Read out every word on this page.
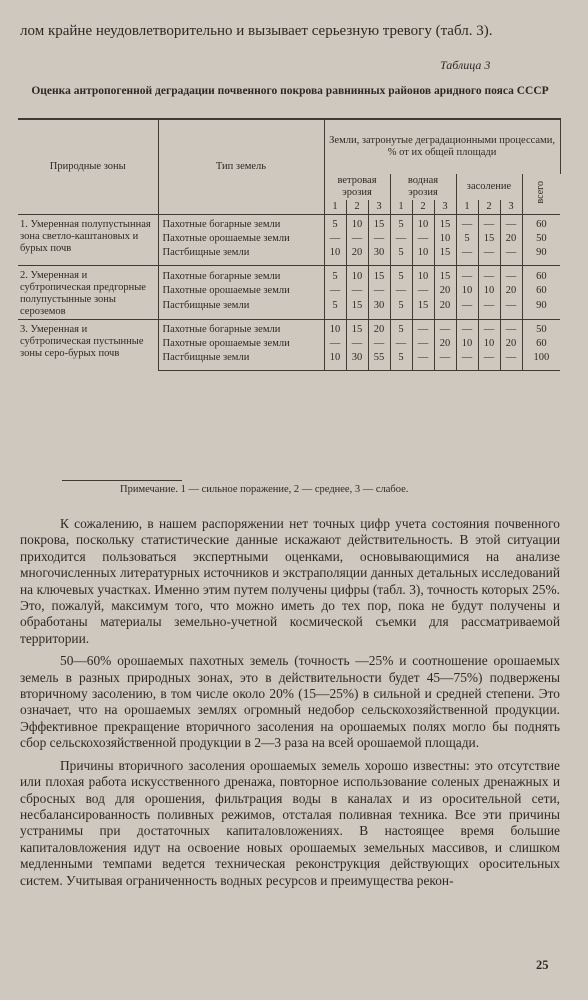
лом крайне неудовлетворительно и вызывает серьезную тревогу (табл. 3).
Таблица 3
Оценка антропогенной деградации почвенного покрова равнинных районов аридного пояса СССР
Природные зоны	Тип земель	Земли, затронутые деградационными процессами, % от их общей площади									
		ветровая эрозия			водная эрозия			засоление			всего
		1	2	3	1	2	3	1	2	3	
1. Умеренная полупустынная зона светло-каштановых и бурых почв	Пахотные богарные земли	5	10	15	5	10	15	—	—	—	60
	Пахотные орошаемые земли	—	—	—	—	—	10	5	15	20	50
	Пастбищные земли	10	20	30	5	10	15	—	—	—	90
2. Умеренная и субтропическая предгорные полупустынные зоны сероземов	Пахотные богарные земли	5	10	15	5	10	15	—	—	—	60
	Пахотные орошаемые земли	—	—	—	—	—	20	10	10	20	60
	Пастбищные земли	5	15	30	5	15	20	—	—	—	90
3. Умеренная и субтропическая пустынные зоны серо-бурых почв	Пахотные богарные земли	10	15	20	5	—	—	—	—	—	50
	Пахотные орошаемые земли	—	—	—	—	—	20	10	10	20	60
	Пастбищные земли	10	30	55	5	—	—	—	—	—	100
Примечание. 1 — сильное поражение, 2 — среднее, 3 — слабое.

К сожалению, в нашем распоряжении нет точных цифр учета состояния почвенного покрова, поскольку статистические данные искажают действительность. В этой ситуации приходится пользоваться экспертными оценками, основывающимися на анализе многочисленных литературных источников и экстраполяции данных детальных исследований на ключевых участках. Именно этим путем получены цифры (табл. 3), точность которых 25%. Это, пожалуй, максимум того, что можно иметь до тех пор, пока не будут получены и обработаны материалы земельно-учетной космической съемки для рассматриваемой территории.

50—60% орошаемых пахотных земель (точность —25% и соотношение орошаемых земель в разных природных зонах, это в действительности будет 45—75%) подвержены вторичному засолению, в том числе около 20% (15—25%) в сильной и средней степени. Это означает, что на орошаемых землях огромный недобор сельскохозяйственной продукции. Эффективное прекращение вторичного засоления на орошаемых полях могло бы поднять сбор сельскохозяйственной продукции в 2—3 раза на всей орошаемой площади.

Причины вторичного засоления орошаемых земель хорошо известны: это отсутствие или плохая работа искусственного дренажа, повторное использование соленых дренажных и сбросных вод для орошения, фильтрация воды в каналах и из оросительной сети, несбалансированность поливных режимов, отсталая поливная техника. Все эти причины устранимы при достаточных капиталовложениях. В настоящее время большие капиталовложения идут на освоение новых орошаемых земельных массивов, и слишком медленными темпами ведется техническая реконструкция действующих оросительных систем. Учитывая ограниченность водных ресурсов и преимущества рекон-

25
